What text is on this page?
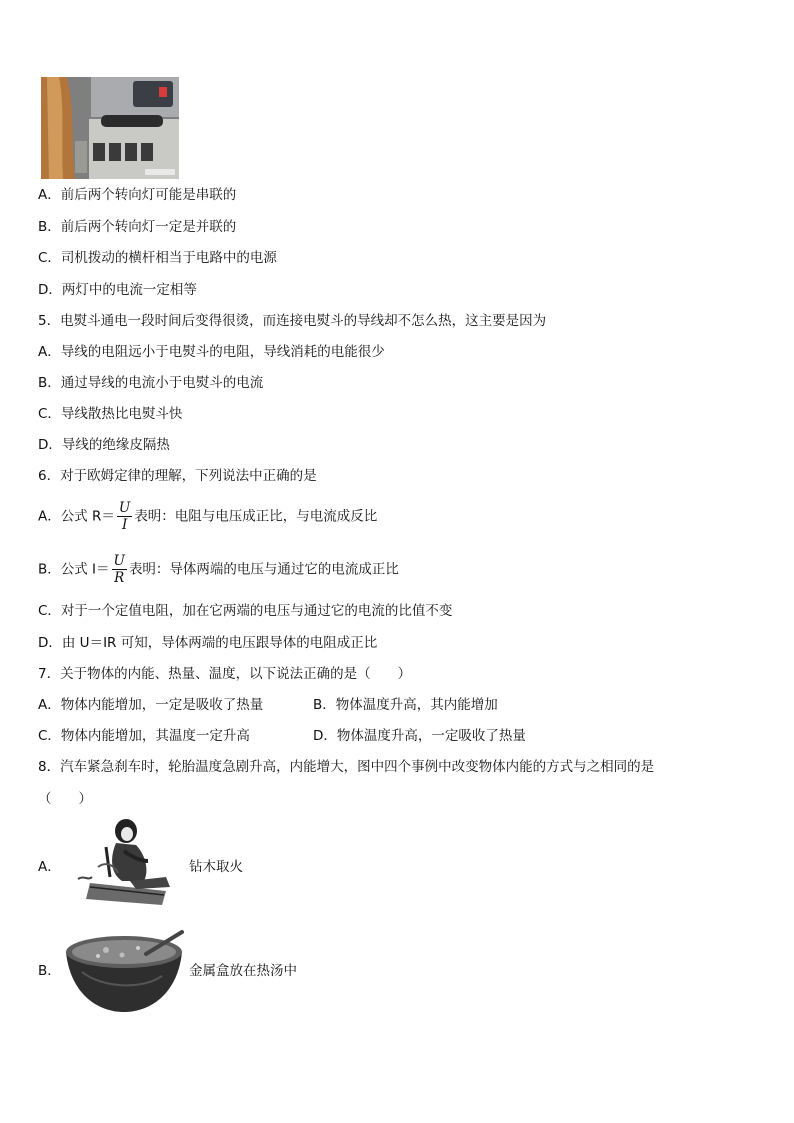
A．前后两个转向灯可能是串联的
B．前后两个转向灯一定是并联的
C．司机拨动的横杆相当于电路中的电源
D．两灯中的电流一定相等
5．电熨斗通电一段时间后变得很烫，而连接电熨斗的导线却不怎么热，这主要是因为
A．导线的电阻远小于电熨斗的电阻，导线消耗的电能很少
B．通过导线的电流小于电熨斗的电流
C．导线散热比电熨斗快
D．导线的绝缘皮隔热
6．对于欧姆定律的理解，下列说法中正确的是
A．公式 $R= \frac{U}{I}$ 表明：电阻与电压成正比，与电流成反比
B．公式 $I= \frac{U}{R}$ 表明：导体两端的电压与通过它的电流成正比
C．对于一个定值电阻，加在它两端的电压与通过它的电流的比值不变
D．由 U＝IR 可知，导体两端的电压跟导体的电阻成正比
7．关于物体的内能、热量、温度，以下说法正确的是（　　）
A．物体内能增加，一定是吸收了热量	B．物体温度升高，其内能增加
C．物体内能增加，其温度一定升高	D．物体温度升高，一定吸收了热量
8．汽车紧急刹车时，轮胎温度急剧升高，内能增大，图中四个事例中改变物体内能的方式与之相同的是
（　　）
A．	钻木取火
B．	金属盒放在热汤中
